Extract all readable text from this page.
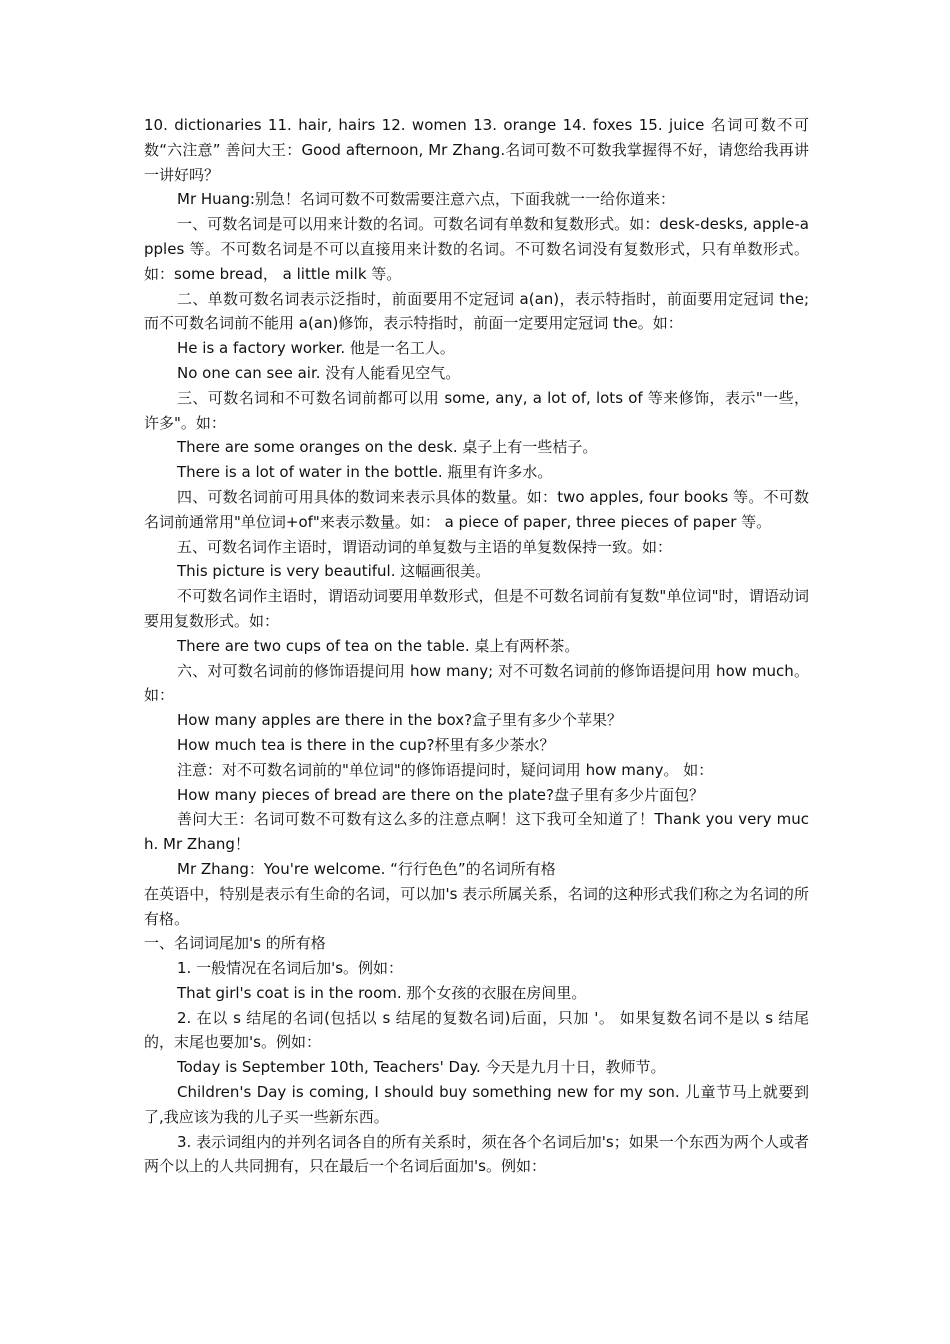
10. dictionaries 11. hair, hairs 12. women 13. orange 14. foxes 15. juice 名词可数不可数“六注意” 善问大王：Good afternoon, Mr Zhang.名词可数不可数我掌握得不好，请您给我再讲一讲好吗？

Mr Huang:别急！名词可数不可数需要注意六点，下面我就一一给你道来：

一、可数名词是可以用来计数的名词。可数名词有单数和复数形式。如：desk-desks, apple-apples 等。不可数名词是不可以直接用来计数的名词。不可数名词没有复数形式，只有单数形式。如：some bread， a little milk 等。

二、单数可数名词表示泛指时，前面要用不定冠词 a(an)，表示特指时，前面要用定冠词 the; 而不可数名词前不能用 a(an)修饰，表示特指时，前面一定要用定冠词 the。如：

He is a factory worker. 他是一名工人。

No one can see air. 没有人能看见空气。

三、可数名词和不可数名词前都可以用 some, any, a lot of, lots of 等来修饰，表示"一些，许多"。如：

There are some oranges on the desk. 桌子上有一些桔子。

There is a lot of water in the bottle. 瓶里有许多水。

四、可数名词前可用具体的数词来表示具体的数量。如：two apples, four books 等。不可数名词前通常用"单位词+of"来表示数量。如： a piece of paper, three pieces of paper 等。

五、可数名词作主语时，谓语动词的单复数与主语的单复数保持一致。如：

This picture is very beautiful. 这幅画很美。

不可数名词作主语时，谓语动词要用单数形式，但是不可数名词前有复数"单位词"时，谓语动词要用复数形式。如：

There are two cups of tea on the table. 桌上有两杯茶。

六、对可数名词前的修饰语提问用 how many; 对不可数名词前的修饰语提问用 how much。 如：

How many apples are there in the box?盒子里有多少个苹果？

How much tea is there in the cup?杯里有多少茶水？

注意：对不可数名词前的"单位词"的修饰语提问时，疑问词用 how many。 如：

How many pieces of bread are there on the plate?盘子里有多少片面包？

善问大王：名词可数不可数有这么多的注意点啊！这下我可全知道了！Thank you very much. Mr Zhang！

Mr Zhang：You're welcome. “行行色色”的名词所有格

在英语中，特别是表示有生命的名词，可以加's 表示所属关系，名词的这种形式我们称之为名词的所有格。

一、名词词尾加's 的所有格

1. 一般情况在名词后加's。例如：

That girl's coat is in the room. 那个女孩的衣服在房间里。

2. 在以 s 结尾的名词(包括以 s 结尾的复数名词)后面，只加 '。 如果复数名词不是以 s 结尾的，末尾也要加's。例如：

Today is September 10th, Teachers' Day. 今天是九月十日，教师节。

Children's Day is coming, I should buy something new for my son. 儿童节马上就要到了,我应该为我的儿子买一些新东西。

3. 表示词组内的并列名词各自的所有关系时，须在各个名词后加's；如果一个东西为两个人或者两个以上的人共同拥有，只在最后一个名词后面加's。例如：
